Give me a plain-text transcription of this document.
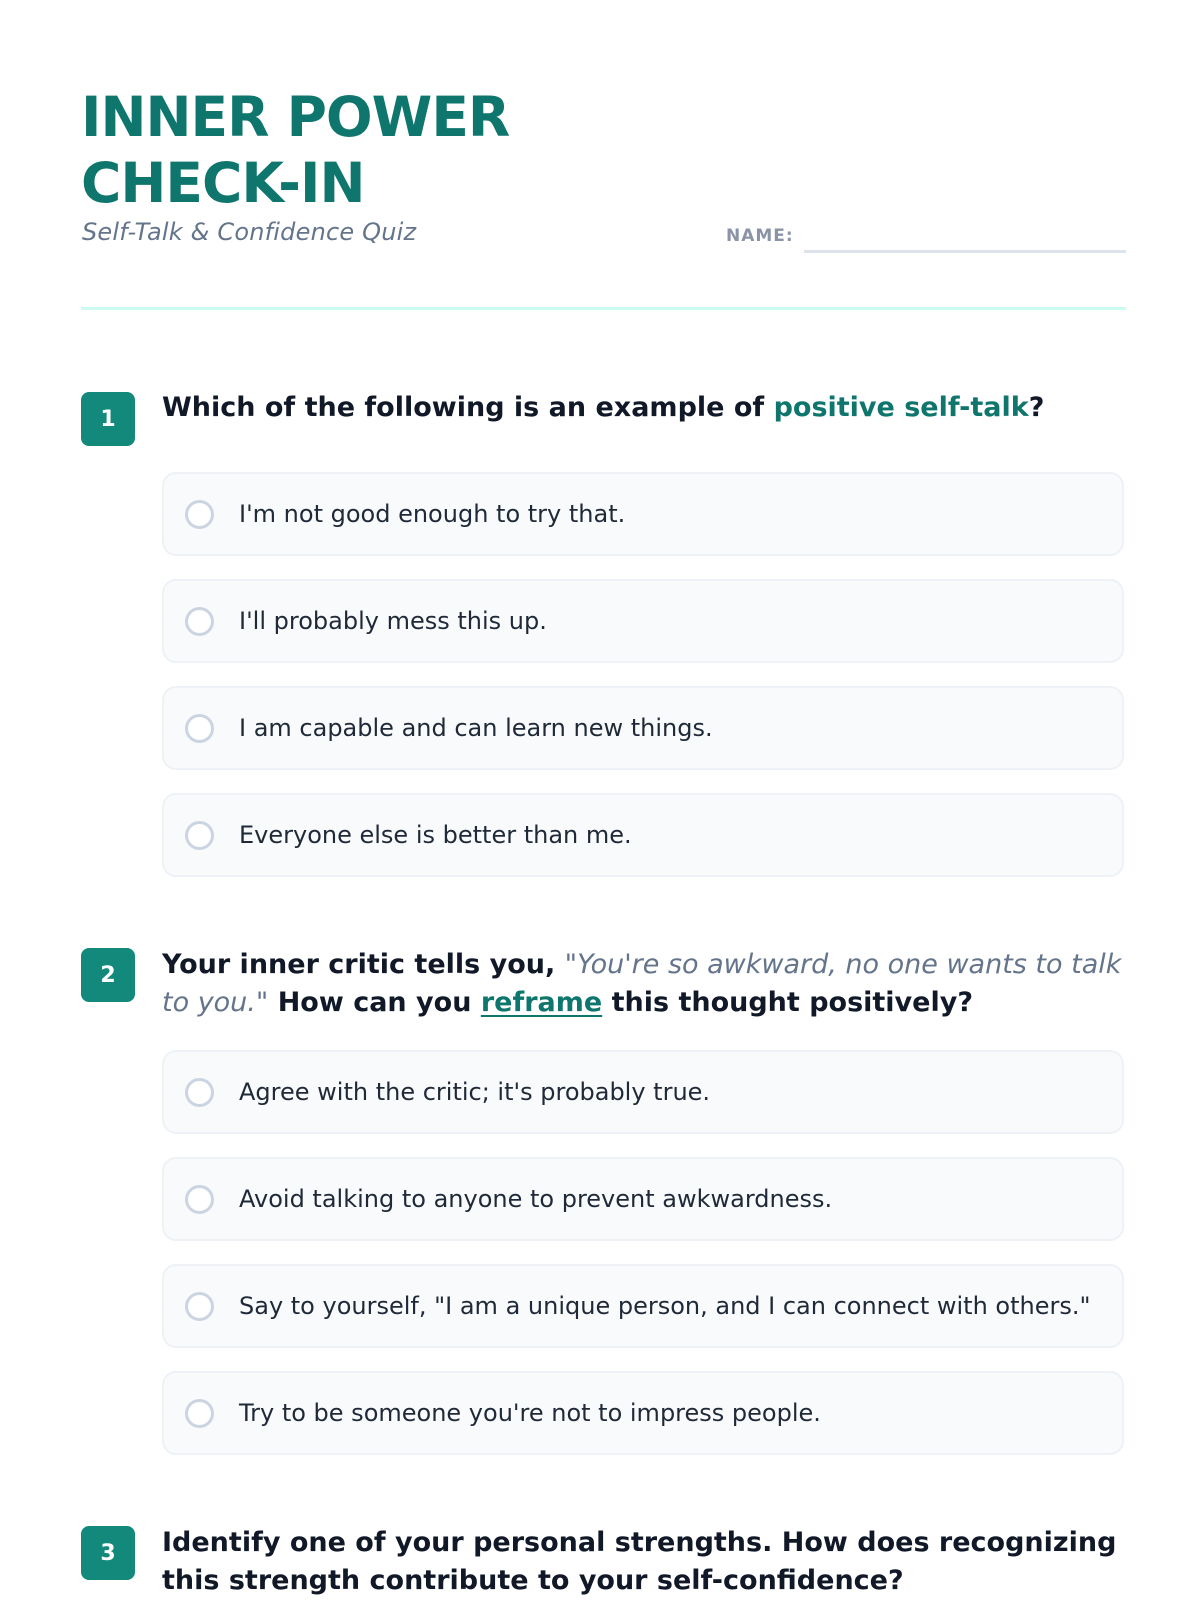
INNER POWER
CHECK-IN
Self-Talk & Confidence Quiz	NAME:
1	Which of the following is an example of positive self-talk?

I'm not good enough to try that.
I'll probably mess this up.
I am capable and can learn new things.
Everyone else is better than me.
2	Your inner critic tells you, "You're so awkward, no one wants to talk to you." How can you reframe this thought positively?

Agree with the critic; it's probably true.
Avoid talking to anyone to prevent awkwardness.
Say to yourself, "I am a unique person, and I can connect with others."
Try to be someone you're not to impress people.
3	Identify one of your personal strengths. How does recognizing this strength contribute to your self-confidence?
